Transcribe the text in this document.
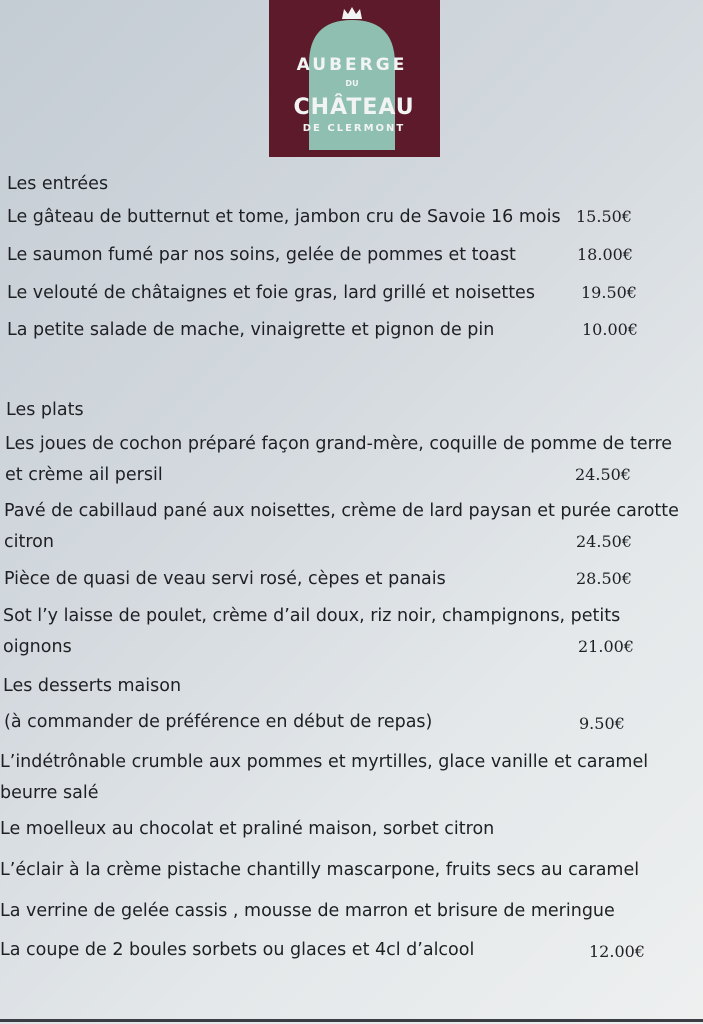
AUBERGE
DU
CHÂTEAU
DE CLERMONT
Les entrées
Le gâteau de butternut et tome, jambon cru de Savoie 16 mois 15.50€
Le saumon fumé par nos soins, gelée de pommes et toast	18.00€
Le velouté de châtaignes et foie gras, lard grillé et noisettes	19.50€
La petite salade de mache, vinaigrette et pignon de pin	10.00€
Les plats
Les joues de cochon préparé façon grand-mère, coquille de pomme de terre
et crème ail persil	24.50€
Pavé de cabillaud pané aux noisettes, crème de lard paysan et purée carotte
citron	24.50€
Pièce de quasi de veau servi rosé, cèpes et panais	28.50€
Sot l’y laisse de poulet, crème d’ail doux, riz noir, champignons, petits
oignons	21.00€
Les desserts maison
(à commander de préférence en début de repas)	9.50€
L’indétrônable crumble aux pommes et myrtilles, glace vanille et caramel
beurre salé
Le moelleux au chocolat et praliné maison, sorbet citron
L’éclair à la crème pistache chantilly mascarpone, fruits secs au caramel
La verrine de gelée cassis , mousse de marron et brisure de meringue
La coupe de 2 boules sorbets ou glaces et 4cl d’alcool	12.00€
